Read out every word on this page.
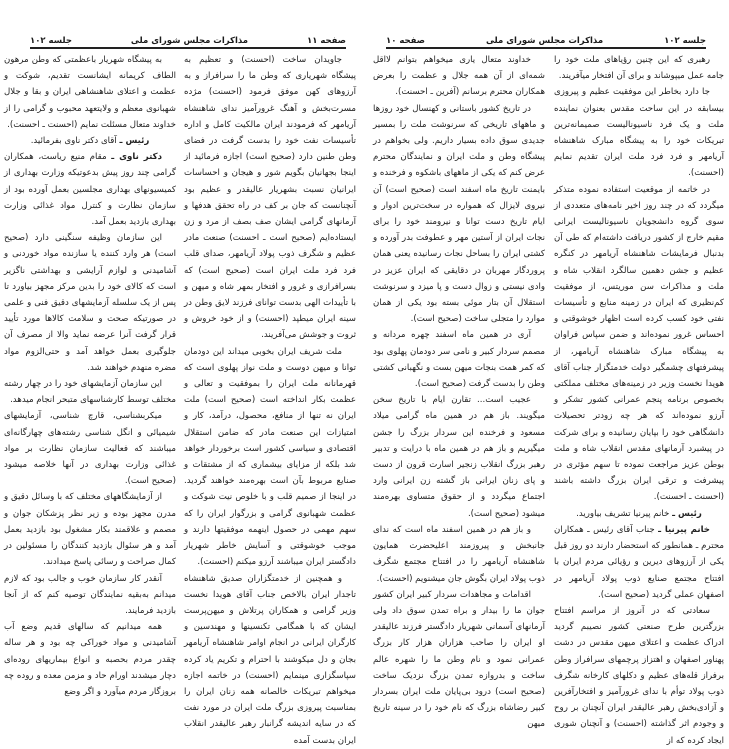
صفحه ۱۱
مذاکرات مجلس شورای ملی
جلسه ۱۰۲	جلسه ۱۰۲
مذاکرات مجلس شورای ملی
صفحه ۱۰

به پیشگاه شهریار باعظمتی که وطن مرهون الطاف کریمانه ایشانست تقدیم، شوکت و عظمت و اعتلای شاهنشاهی ایران و بقا و جلال شهبانوی معظم و ولایتعهد محبوب و گرامی را از خداوند متعال مسئلت نمایم (احسنت ـ احسنت).

رئیس ـ آقای دکتر ناوی بفرمائید.

دکتر ناوی ـ مقام منیع ریاست، همکاران گرامی چند روز پیش بدعوتیکه وزارت بهداری از کمیسیونهای بهداری مجلسین بعمل آورده بود از سازمان نظارت و کنترل مواد غذائی وزارت بهداری بازدید بعمل آمد.

این سازمان وظیفه سنگینی دارد (صحیح است) هر وارد کننده یا سازنده مواد خوردنی و آشامیدنی و لوازم آرایشی و بهداشتی ناگزیر است که کالای خود را بدین مرکز مجهز بیاورد تا پس از یک سلسله آزمایشهای دقیق فنی و علمی در صورتیکه صحت و سلامت کالاها مورد تأیید قرار گرفت آنرا عرضه نماید والا از مصرف آن جلوگیری بعمل خواهد آمد و حتی‌الزوم مواد مضره منهدم خواهند شد.

این سازمان آزمایشهای خود را در چهار رشته مختلف توسط کارشناسهای متبحر انجام میدهد.

میکربشناسی، قارچ شناسی، آزمایشهای شیمیائی و انگل شناسی رشته‌های چهارگانه‌ای میباشند که فعالیت سازمان نظارت بر مواد غذائی وزارت بهداری در آنها خلاصه میشود (صحیح است).

از آزمایشگاههای مختلف که با وسائل دقیق و مدرن مجهز بوده و زیر نظر پزشکان جوان و مصمم و علاقمند بکار مشغول بود بازدید بعمل آمد و هر سئوال بازدید کنندگان را مسئولین در کمال صراحت و رسائی پاسخ میدادند.

آنقدر کار سازمان خوب و جالب بود که لازم میدانم به‌بقیه نمایندگان توصیه کنم که از آنجا بازدید فرمایند.

همه میدانیم که سالهای قدیم وضع آب آشامیدنی و مواد خوراکی چه بود و هر ساله چقدر مردم بحصبه و انواع بیماریهای روده‌ای دچار میشدند اورام حاد و مزمن معده و روده چه بروزگار مردم میآورد و اگر وضع

جاویدان ساخت (احسنت) و تعظیم به پیشگاه شهریاری که وطن ما را سرافراز و به آرزوهای کهن موفق فرمود (احسنت) مژده مسرت‌بخش و آهنگ غرورآمیز ندای شاهنشاه آریامهر که فرمودند ایران مالکیت کامل و اداره تأسیسات نفت خود را بدست گرفت در فضای وطن طنین دارد (صحیح است) اجازه فرمائید از اینجا بجهانیان بگویم شور و هیجان و احساسات ایرانیان نسبت بشهریار عالیقدر و عظیم بود آنچنانست که جان بر کف در راه تحقق هدفها و آرمانهای گرامی ایشان صف بصف از مرد و زن ایستاده‌ایم (صحیح است ـ احسنت) صنعت مادر عظیم و شگرف ذوب پولاد آریامهر، صدای قلب فرد فرد ملت ایران است (صحیح است) که بسرافرازی و غرور و افتخار بمهر شاه و میهن و با تأییدات الهی بدست توانای فرزند لایق وطن در سینه ایران میطپد (احسنت) و از خود خروش و ثروت و جوشش می‌آفریند.

ملت شریف ایران بخوبی میداند این دودمان توانا و میهن دوست و ملت نواز پهلوی است که قهرمانانه ملت ایران را بموفقیت و تعالی و عظمت بکار انداخته است (صحیح است) ملت ایران نه تنها از منافع، محصول، درآمد، کار و امتیازات این صنعت مادر که ضامن استقلال اقتصادی و سیاسی کشور است برخوردار خواهد شد بلکه از مزایای بیشماری که از مشتقات و صنایع مربوط بآن است بهره‌مند خواهند گردید. در اینجا از صمیم قلب و با خلوص نیت شوکت و عظمت شهبانوی گرامی و بزرگوار ایران را که سهم مهمی در حصول اینهمه موفقیتها دارند و موجب خوشوقتی و آسایش خاطر شهریار دادگستر ایران میباشند آرزو میکنم (احسنت).

و همچنین از خدمتگزاران صدیق شاهنشاه تاجدار ایران بالاخص جناب آقای هویدا نخست وزیر گرامی و همکاران پرتلاش و میهن‌پرست ایشان که با همگامی تکنسینها و مهندسین و کارگران ایرانی در انجام اوامر شاهنشاه آریامهر بجان و دل میکوشند با احترام و تکریم یاد کرده سپاسگزاری مینمایم (احسنت) در خاتمه اجازه میخواهم تبریکات خالصانه همه زنان ایران را بمناسبت پیروزی بزرگ ملت ایران در مورد نفت که در سایه اندیشه گرانبار رهبر عالیقدر انقلاب ایران بدست آمده

خداوند متعال یاری میخواهم بتوانم لااقل شمه‌ای از آن همه جلال و عظمت را بعرض همکاران محترم برسانم (آفرین ـ احسنت).

در تاریخ کشور باستانی و کهنسال خود روزها و ماههای تاریخی که سرنوشت ملت را بمسیر جدیدی سوق داده بسیار داریم. ولی بخواهم در پیشگاه وطن و ملت ایران و نمایندگان محترم عرض کنم که یکی از ماههای باشکوه و فرخنده و بایمنت تاریخ ماه اسفند است (صحیح است) آن نیروی لایزال که همواره در سخت‌ترین ادوار و ایام تاریخ دست توانا و نیرومند خود را برای نجات ایران از آستین مهر و عطوفت بدر آورده و کشتی ایران را بساحل نجات رسانیده یعنی همان پروردگار مهربان در دقایقی که ایران عزیز در وادی نیستی و زوال دست و پا میزد و سرنوشت استقلال آن بتار موئی بسته بود یکی از همان موارد را متجلی ساخت (صحیح است).

آری در همین ماه اسفند چهره مردانه و مصمم سردار کبیر و نامی سر دودمان پهلوی بود که کمر همت بنجات میهن بست و نگهبانی کشتی وطن را بدست گرفت (صحیح است).

عجیب است... تقارن ایام با تاریخ سخن میگویند. باز هم در همین ماه گرامی میلاد مسعود و فرخنده این سردار بزرگ را جشن میگیریم و باز هم در همین ماه با درایت و تدبیر رهبر بزرگ انقلاب زنجیر اسارت قرون از دست و پای زنان ایرانی باز گشته زن ایرانی وارد اجتماع میگردد و از حقوق متساوی بهره‌مند میشود (صحیح است).

و باز هم در همین اسفند ماه است که ندای جانبخش و پیروزمند اعلیحضرت همایون شاهنشاه آریامهر را در افتتاح مجتمع شگرف ذوب پولاد ایران بگوش جان میشنویم (احسنت).

اقدامات و مجاهدات سردار کبیر ایران کشور جوان ما را بیدار و براه تمدن سوق داد ولی آرمانهای آسمانی شهریار دادگستر فرزند عالیقدر او ایران را صاحب هزاران هزار کار بزرگ عمرانی نمود و نام وطن ما را شهره عالم ساخت و بدروازه تمدن بزرگ نزدیک ساخت (صحیح است) درود بی‌پایان ملت ایران بسردار کبیر رضاشاه بزرگ که نام خود را در سینه تاریخ میهن

رهبری که این چنین رؤیاهای ملت خود را جامه عمل میپوشاند و برای آن افتخار میآفریند.

جا دارد بخاطر این موفقیت عظیم و پیروزی بیسابقه در این ساحت مقدس بعنوان نماینده ملت و یک فرد ناسیونالیست صمیمانه‌ترین تبریکات خود را به پیشگاه مبارک شاهنشاه آریامهر و فرد فرد ملت ایران تقدیم نمایم (احسنت).

در خاتمه از موقعیت استفاده نموده متذکر میگردد که در چند روز اخیر نامه‌های متعددی از سوی گروه دانشجویان ناسیونالیست ایرانی مقیم خارج از کشور دریافت داشته‌ام که طی آن بدنبال فرمایشات شاهنشاه آریامهر در کنگره عظیم و جشن دهمین سالگرد انقلاب شاه و ملت و مذاکرات سن موریتس، از موفقیت کم‌نظیری که ایران در زمینه منابع و تأسیسات نفتی خود کسب کرده است اظهار خوشوقتی و احساس غرور نموده‌اند و ضمن سپاس فراوان به پیشگاه مبارک شاهنشاه آریامهر، از پیشرفتهای چشمگیر دولت خدمتگزار جناب آقای هویدا نخست وزیر در زمینه‌های مختلف مملکتی بخصوص برنامه پنجم عمرانی کشور تشکر و آرزو نموده‌اند که هر چه زودتر تحصیلات دانشگاهی خود را بپایان رسانیده و برای شرکت در پیشبرد آرمانهای مقدس انقلاب شاه و ملت بوطن عزیز مراجعت نموده تا سهم مؤثری در پیشرفت و ترقی ایران بزرگ داشته باشند (احسنت ـ احسنت).

رئیس ـ خانم پیرنیا تشریف بیاورید.

خانم پیرنیا ـ جناب آقای رئیس ـ همکاران محترم ـ همانطور که استحضار دارند دو روز قبل یکی از آرزوهای دیرین و رؤیائی مردم ایران با افتتاح مجتمع صنایع ذوب پولاد آریامهر در اصفهان عملی گردید (صحیح است).

سعادتی که در آنروز از مراسم افتتاح بزرگترین طرح صنعتی کشور نصیبم گردید ادراک عظمت و اعتلای میهن مقدس در دشت پهناور اصفهان و اهتزاز پرچمهای سرافراز وطن برفراز قله‌های عظیم و دکلهای کارخانه شگرف ذوب پولاد توأم با ندای غرورآمیز و افتخارآفرین و آزادی‌بخش رهبر عالیقدر ایران آنچنان بر روح و وجودم اثر گذاشته (احسنت) و آنچنان شوری ایجاد کرده که از
